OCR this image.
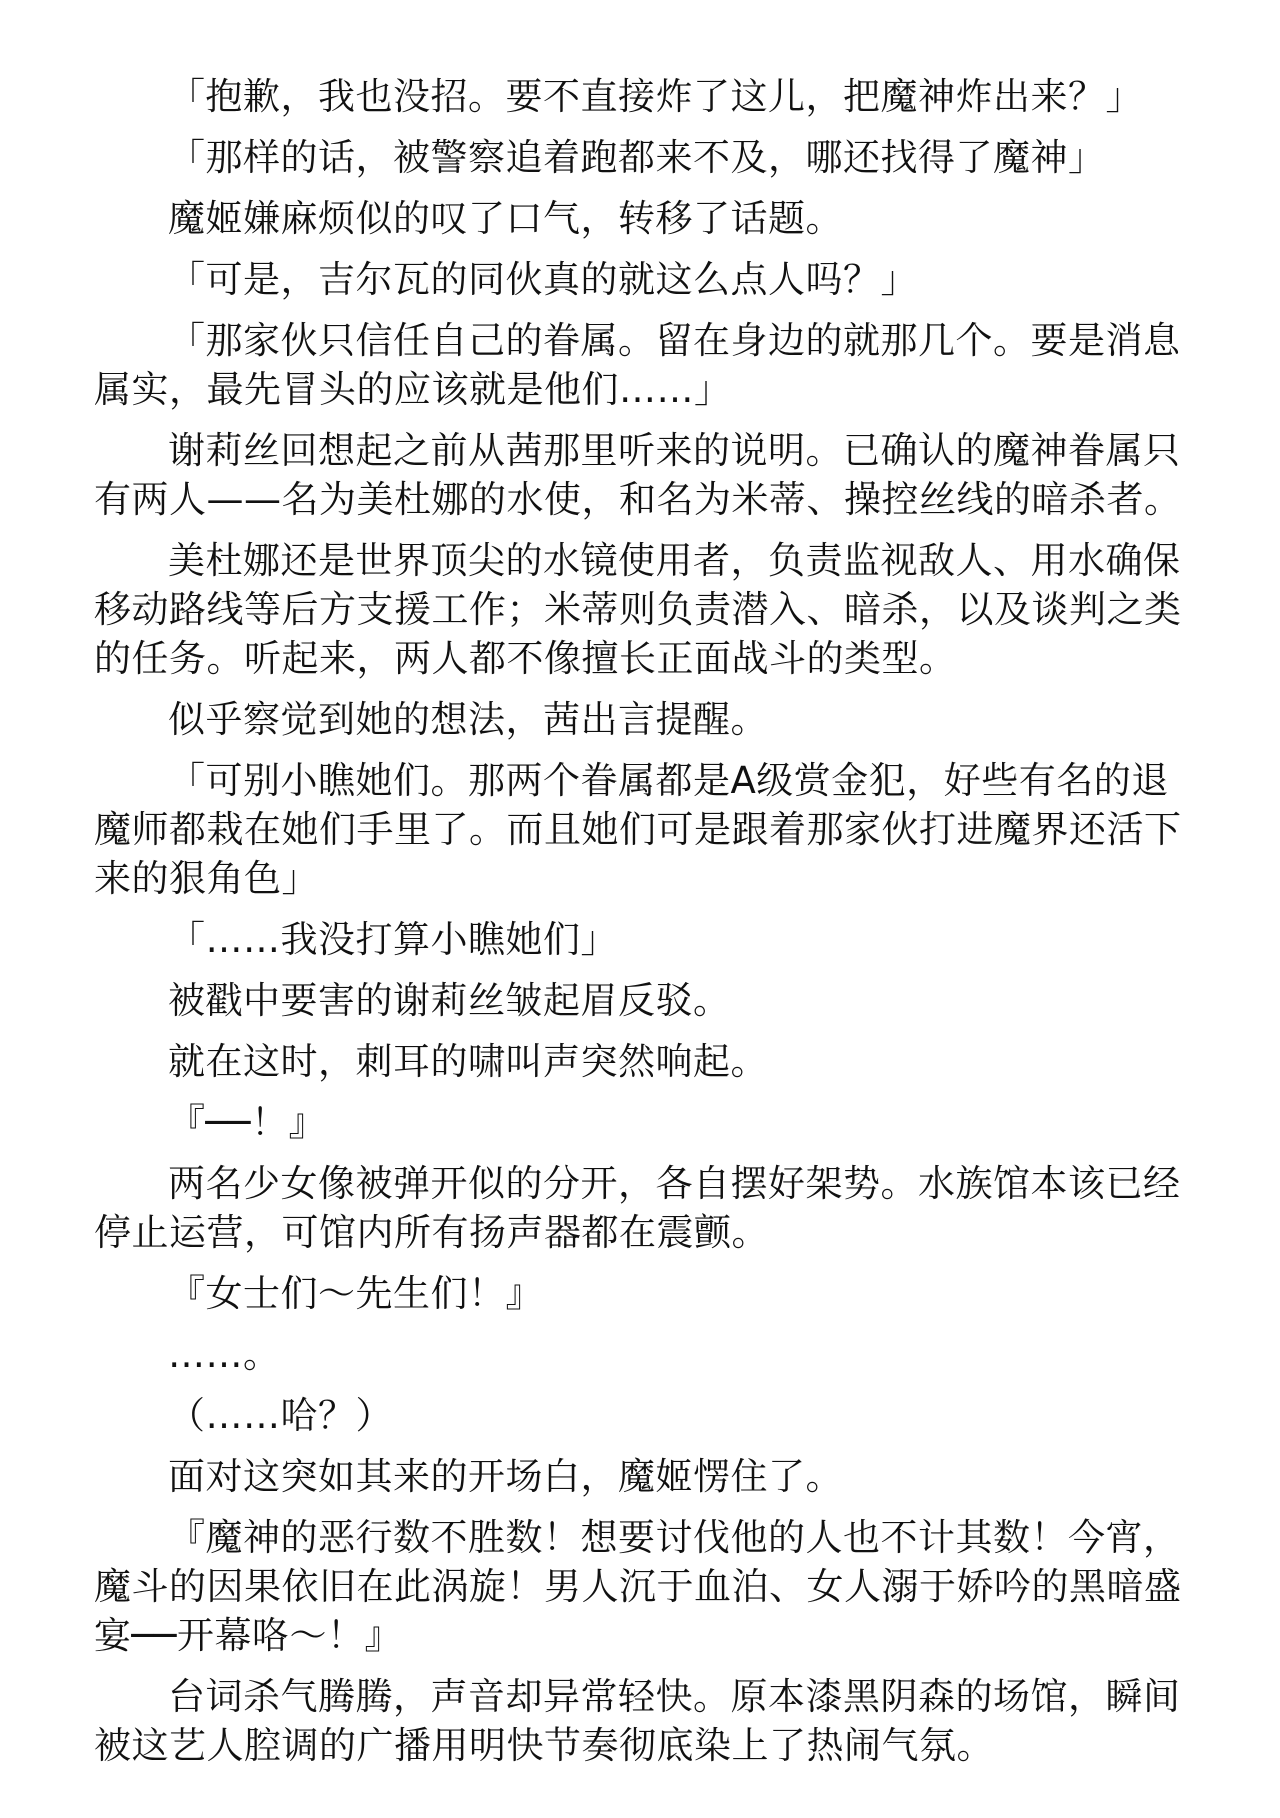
「抱歉，我也没招。要不直接炸了这儿，把魔神炸出来？」

「那样的话，被警察追着跑都来不及，哪还找得了魔神」

魔姬嫌麻烦似的叹了口气，转移了话题。

「可是，吉尔瓦的同伙真的就这么点人吗？」

「那家伙只信任自己的眷属。留在身边的就那几个。要是消息属实，最先冒头的应该就是他们……」

谢莉丝回想起之前从茜那里听来的说明。已确认的魔神眷属只有两人——名为美杜娜的水使，和名为米蒂、操控丝线的暗杀者。

美杜娜还是世界顶尖的水镜使用者，负责监视敌人、用水确保移动路线等后方支援工作；米蒂则负责潜入、暗杀，以及谈判之类的任务。听起来，两人都不像擅长正面战斗的类型。

似乎察觉到她的想法，茜出言提醒。

「可别小瞧她们。那两个眷属都是A级赏金犯，好些有名的退魔师都栽在她们手里了。而且她们可是跟着那家伙打进魔界还活下来的狠角色」

「……我没打算小瞧她们」

被戳中要害的谢莉丝皱起眉反驳。

就在这时，刺耳的啸叫声突然响起。

『──！』

两名少女像被弹开似的分开，各自摆好架势。水族馆本该已经停止运营，可馆内所有扬声器都在震颤。

『女士们～先生们！』

……。

（……哈？）

面对这突如其来的开场白，魔姬愣住了。

『魔神的恶行数不胜数！想要讨伐他的人也不计其数！今宵，魔斗的因果依旧在此涡旋！男人沉于血泊、女人溺于娇吟的黑暗盛宴──开幕咯～！』

台词杀气腾腾，声音却异常轻快。原本漆黑阴森的场馆，瞬间被这艺人腔调的广播用明快节奏彻底染上了热闹气氛。
